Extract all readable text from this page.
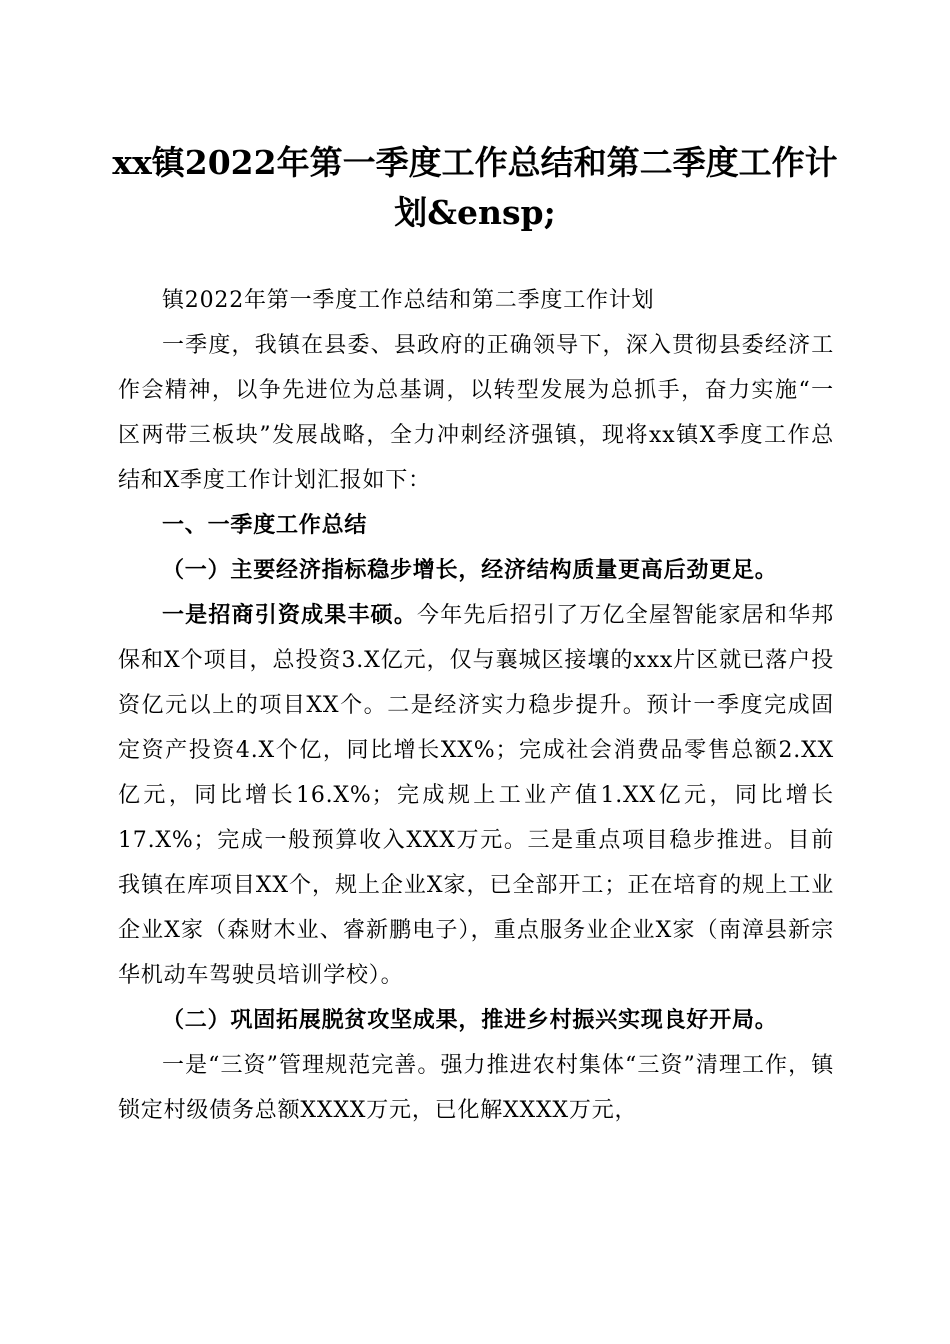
xx镇2022年第一季度工作总结和第二季度工作计划&ensp;

镇2022年第一季度工作总结和第二季度工作计划

一季度，我镇在县委、县政府的正确领导下，深入贯彻县委经济工作会精神，以争先进位为总基调，以转型发展为总抓手，奋力实施“一区两带三板块”发展战略，全力冲刺经济强镇，现将xx镇X季度工作总结和X季度工作计划汇报如下：

一、一季度工作总结

（一）主要经济指标稳步增长，经济结构质量更高后劲更足。

一是招商引资成果丰硕。今年先后招引了万亿全屋智能家居和华邦保和X个项目，总投资3.X亿元，仅与襄城区接壤的xxx片区就已落户投资亿元以上的项目XX个。二是经济实力稳步提升。预计一季度完成固定资产投资4.X个亿，同比增长XX%；完成社会消费品零售总额2.XX亿元，同比增长16.X%；完成规上工业产值1.XX亿元，同比增长17.X%；完成一般预算收入XXX万元。三是重点项目稳步推进。目前我镇在库项目XX个，规上企业X家，已全部开工；正在培育的规上工业企业X家（森财木业、睿新鹏电子），重点服务业企业X家（南漳县新宗华机动车驾驶员培训学校）。

（二）巩固拓展脱贫攻坚成果，推进乡村振兴实现良好开局。

一是“三资”管理规范完善。强力推进农村集体“三资”清理工作，镇锁定村级债务总额XXXX万元，已化解XXXX万元，
